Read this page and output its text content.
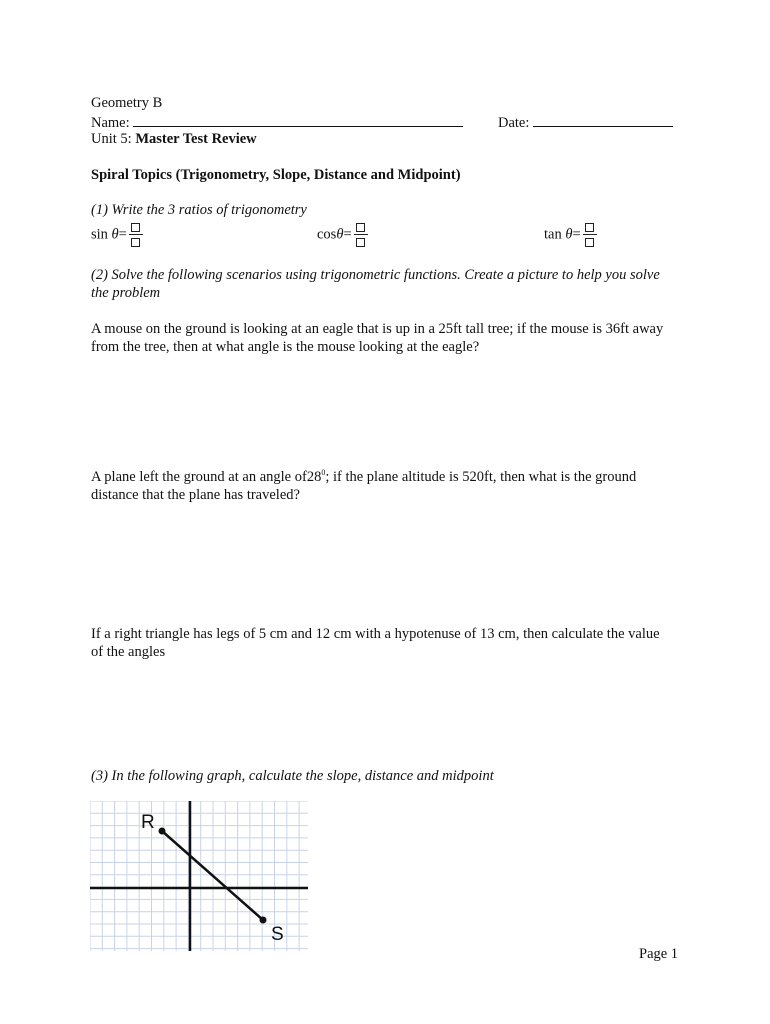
Geometry B
Name:	Date:
Unit 5: Master Test Review
Spiral Topics (Trigonometry, Slope, Distance and Midpoint)
(1) Write the 3 ratios of trigonometry
sin θ=	cosθ=	tan θ=
(2) Solve the following scenarios using trigonometric functions. Create a picture to help you solve the problem
A mouse on the ground is looking at an eagle that is up in a 25ft tall tree; if the mouse is 36ft away from the tree, then at what angle is the mouse looking at the eagle?
A plane left the ground at an angle $of28^0$; if the plane altitude is 520ft, then what is the ground distance that the plane has traveled?
If a right triangle has legs of 5 cm and 12 cm with a hypotenuse of 13 cm, then calculate the value of the angles
(3) In the following graph, calculate the slope, distance and midpoint
R
S
Page 1
